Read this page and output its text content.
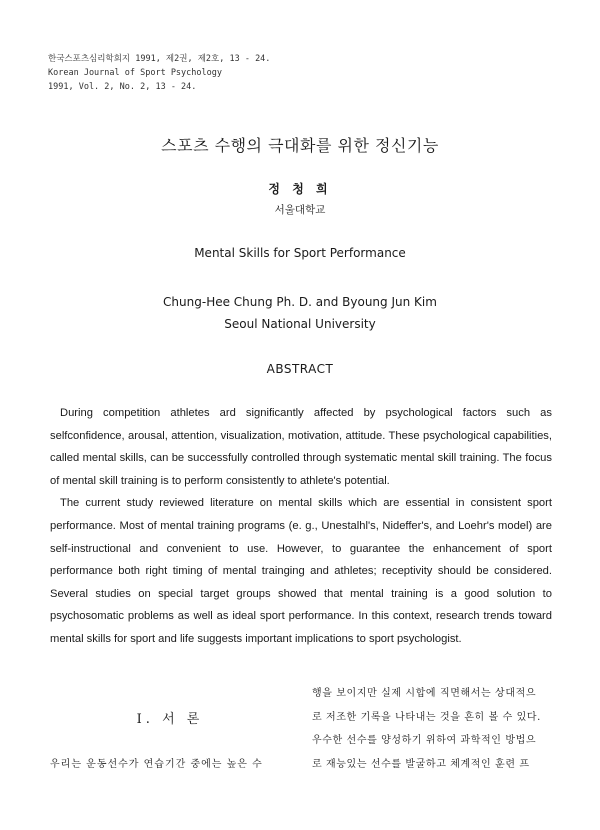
한국스포츠심리학회지 1991, 제2권, 제2호, 13 - 24.
Korean Journal of Sport Psychology
1991, Vol. 2, No. 2, 13 - 24.
스포츠 수행의 극대화를 위한 정신기능
정 청 희
서울대학교
Mental Skills for Sport Performance
Chung-Hee Chung Ph. D. and Byoung Jun Kim
Seoul National University
ABSTRACT

During competition athletes ard significantly affected by psychological factors such as selfconfidence, arousal, attention, visualization, motivation, attitude. These psychological capabilities, called mental skills, can be successfully controlled through systematic mental skill training. The focus of mental skill training is to perform consistently to athlete's potential.

The current study reviewed literature on mental skills which are essential in consistent sport performance. Most of mental training programs (e. g., Unestalhl's, Nideffer's, and Loehr's model) are self-instructional and convenient to use. However, to guarantee the enhancement of sport performance both right timing of mental trainging and athletes; receptivity should be considered. Several studies on special target groups showed that mental training is a good solution to psychosomatic problems as well as ideal sport performance. In this context, research trends toward mental skills for sport and life suggests important implications to sport psychologist.

Ⅰ. 서 론
우리는 운동선수가 연습기간 중에는 높은 수
행을 보이지만 실제 시합에 직면해서는 상대적으
로 저조한 기록을 나타내는 것을 흔히 볼 수 있다.
우수한 선수를 양성하기 위하여 과학적인 방법으
로 재능있는 선수를 발굴하고 체계적인 훈련 프
